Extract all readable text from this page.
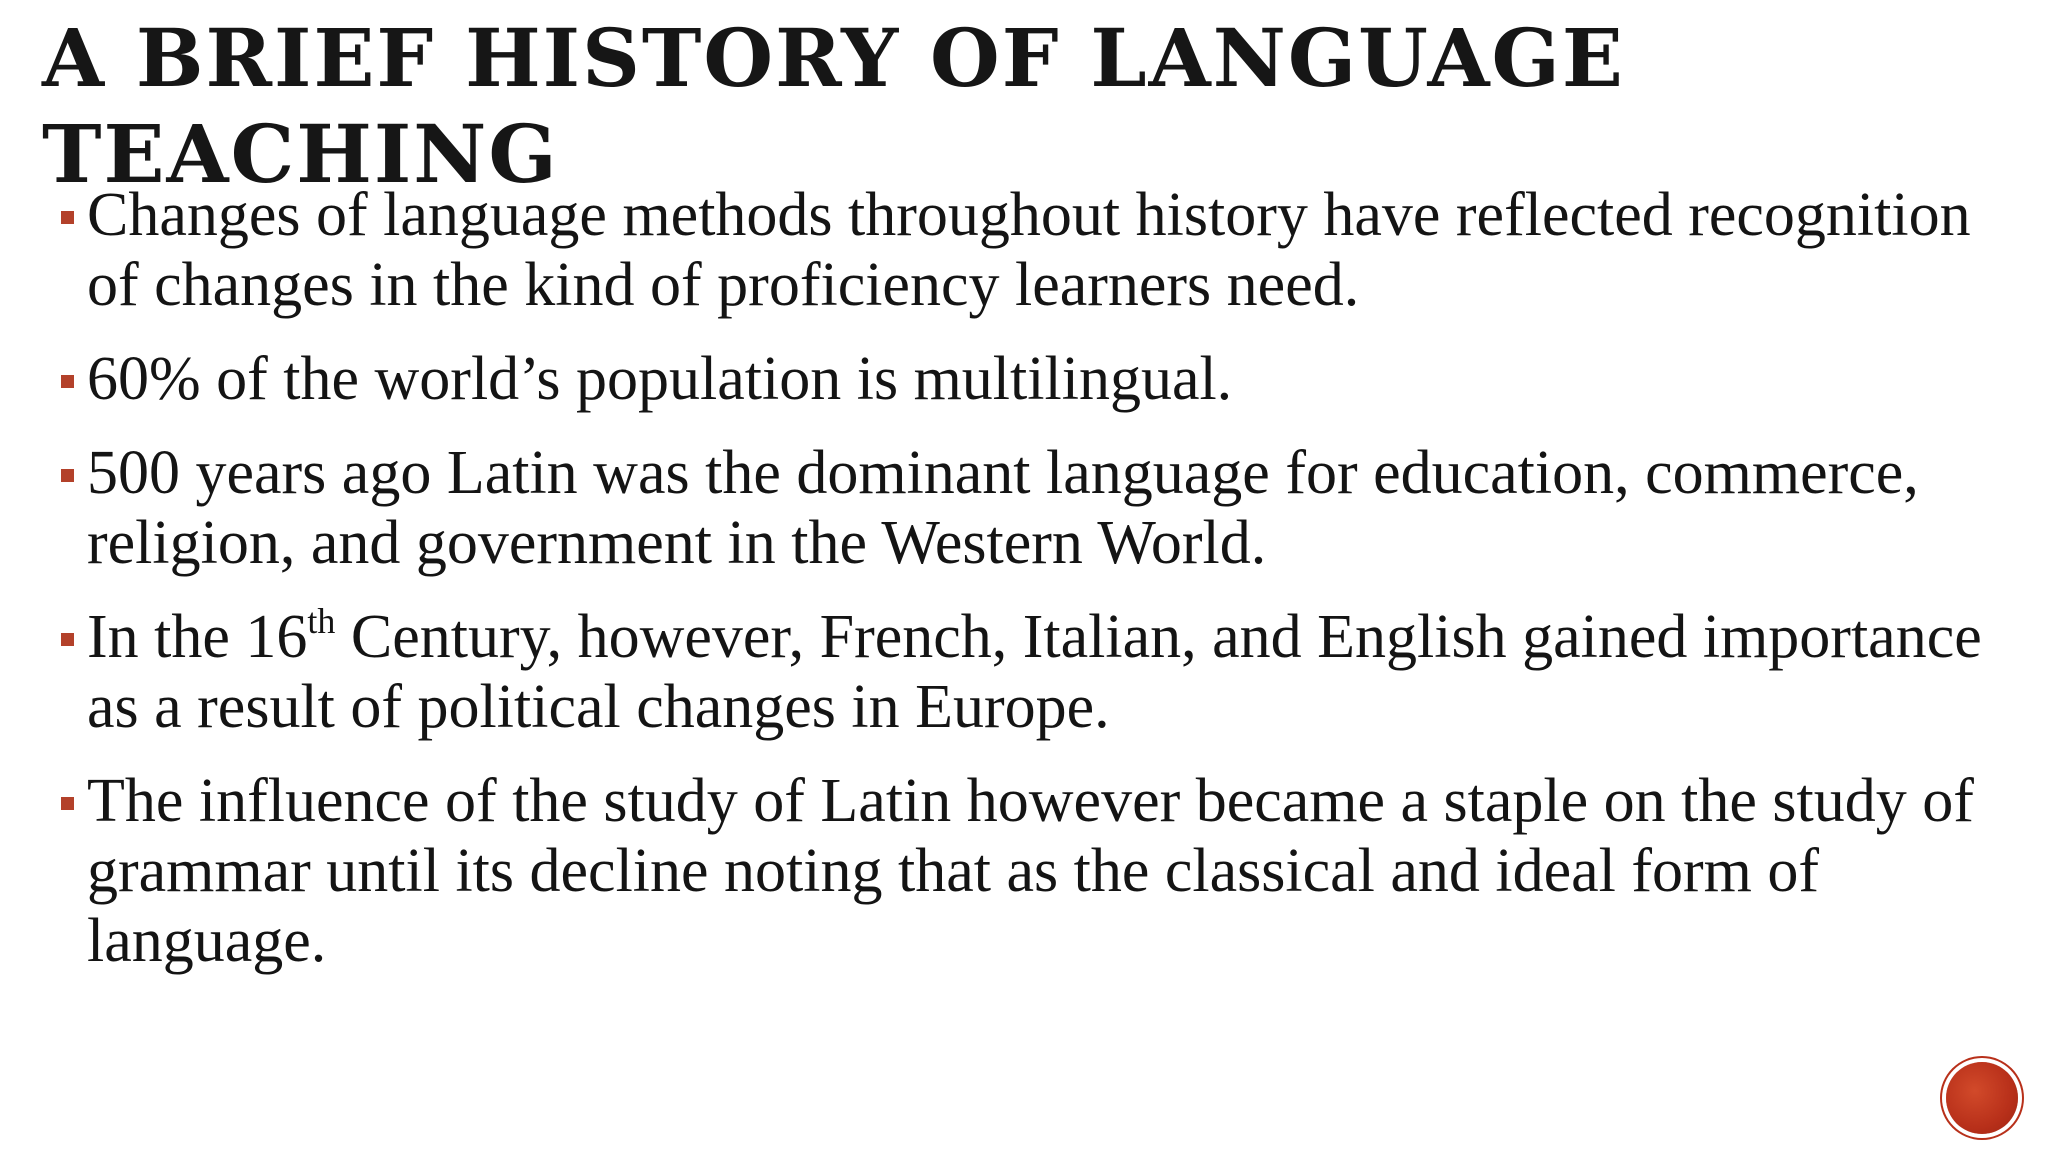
A BRIEF HISTORY OF LANGUAGE TEACHING
Changes of language methods throughout history have reflected recognition of changes in the kind of proficiency learners need.
60% of the world’s population is multilingual.
500 years ago Latin was the dominant language for education, commerce, religion, and government in the Western World.
In the 16th Century, however, French, Italian, and English gained importance as a result of political changes in Europe.
The influence of the study of Latin however became a staple on the study of grammar until its decline noting that as the classical and ideal form of language.
